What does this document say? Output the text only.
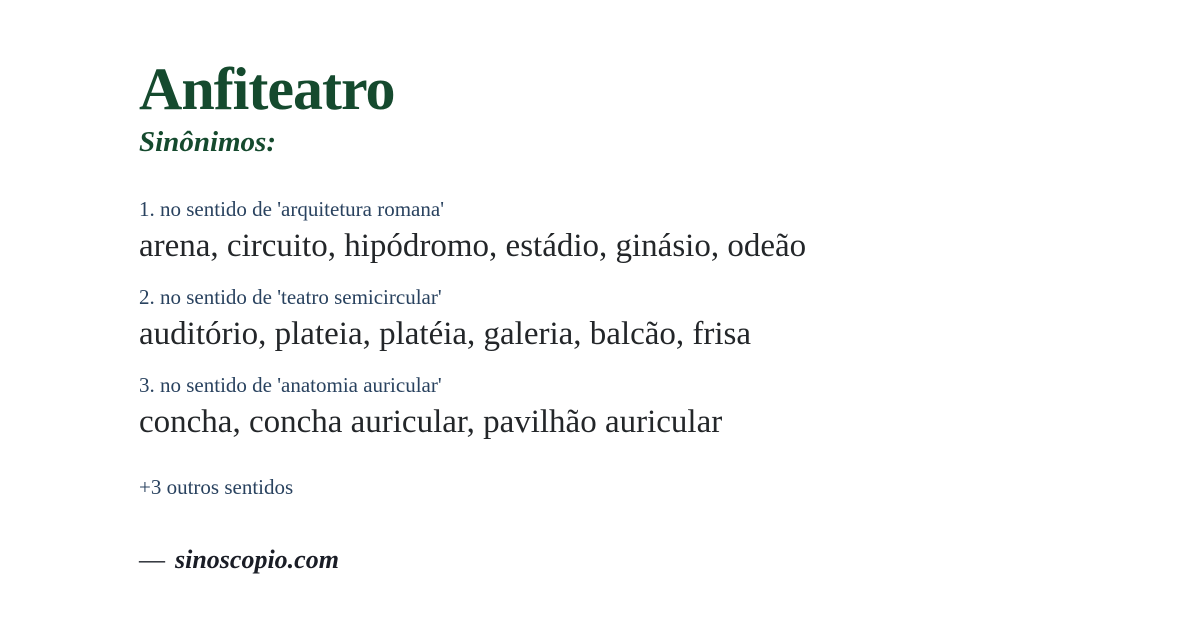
Anfiteatro
Sinônimos:
1. no sentido de 'arquitetura romana'
arena, circuito, hipódromo, estádio, ginásio, odeão
2. no sentido de 'teatro semicircular'
auditório, plateia, platéia, galeria, balcão, frisa
3. no sentido de 'anatomia auricular'
concha, concha auricular, pavilhão auricular
+3 outros sentidos
— sinoscopio.com
